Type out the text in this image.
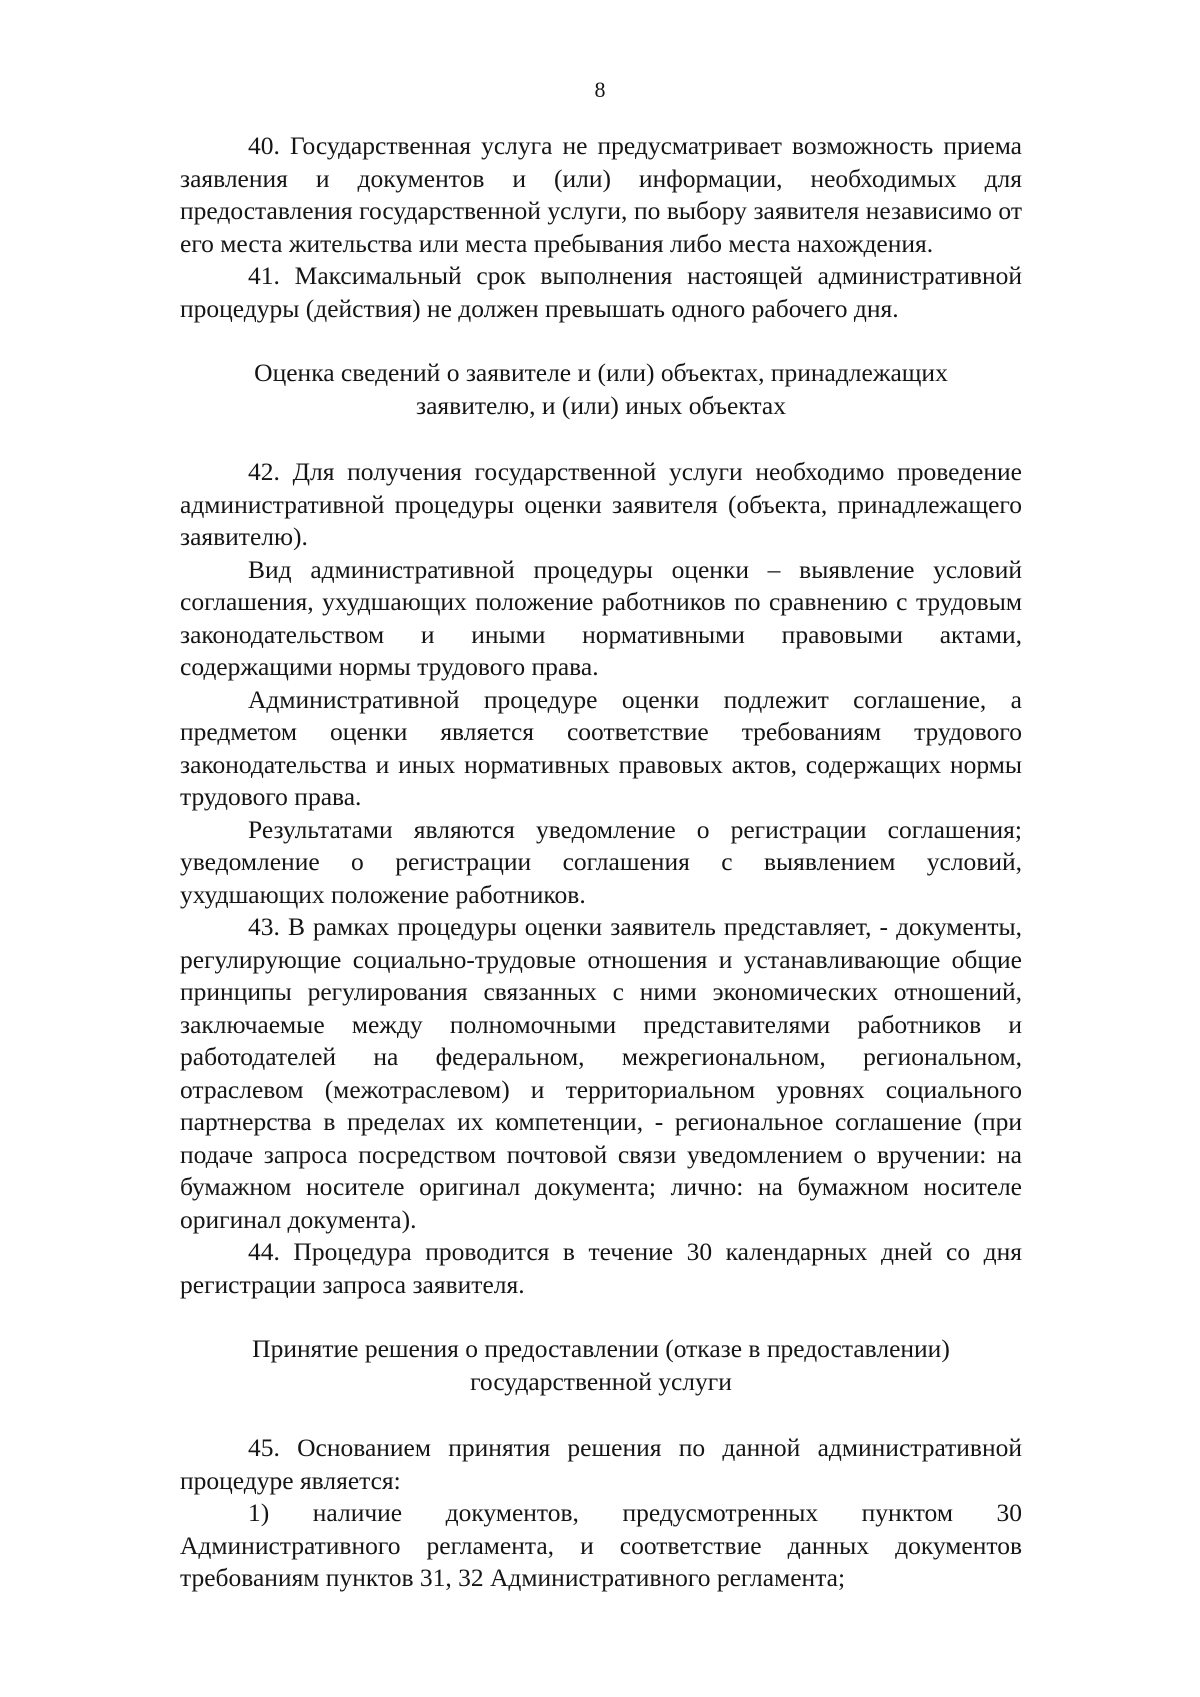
8

40. Государственная услуга не предусматривает возможность приема заявления и документов и (или) информации, необходимых для предоставления государственной услуги, по выбору заявителя независимо от его места жительства или места пребывания либо места нахождения.

41. Максимальный срок выполнения настоящей административной процедуры (действия) не должен превышать одного рабочего дня.

Оценка сведений о заявителе и (или) объектах, принадлежащих
заявителю, и (или) иных объектах

42. Для получения государственной услуги необходимо проведение административной процедуры оценки заявителя (объекта, принадлежащего заявителю).

Вид административной процедуры оценки – выявление условий соглашения, ухудшающих положение работников по сравнению с трудовым законодательством и иными нормативными правовыми актами, содержащими нормы трудового права.

Административной процедуре оценки подлежит соглашение, а предметом оценки является соответствие требованиям трудового законодательства и иных нормативных правовых актов, содержащих нормы трудового права.

Результатами являются уведомление о регистрации соглашения; уведомление о регистрации соглашения с выявлением условий, ухудшающих положение работников.

43. В рамках процедуры оценки заявитель представляет, - документы, регулирующие социально-трудовые отношения и устанавливающие общие принципы регулирования связанных с ними экономических отношений, заключаемые между полномочными представителями работников и работодателей на федеральном, межрегиональном, региональном, отраслевом (межотраслевом) и территориальном уровнях социального партнерства в пределах их компетенции, - региональное соглашение (при подаче запроса посредством почтовой связи уведомлением о вручении: на бумажном носителе оригинал документа; лично: на бумажном носителе оригинал документа).

44. Процедура проводится в течение 30 календарных дней со дня регистрации запроса заявителя.

Принятие решения о предоставлении (отказе в предоставлении)
государственной услуги

45. Основанием принятия решения по данной административной процедуре является:

1) наличие документов, предусмотренных пунктом 30 Административного регламента, и соответствие данных документов требованиям пунктов 31, 32 Административного регламента;
